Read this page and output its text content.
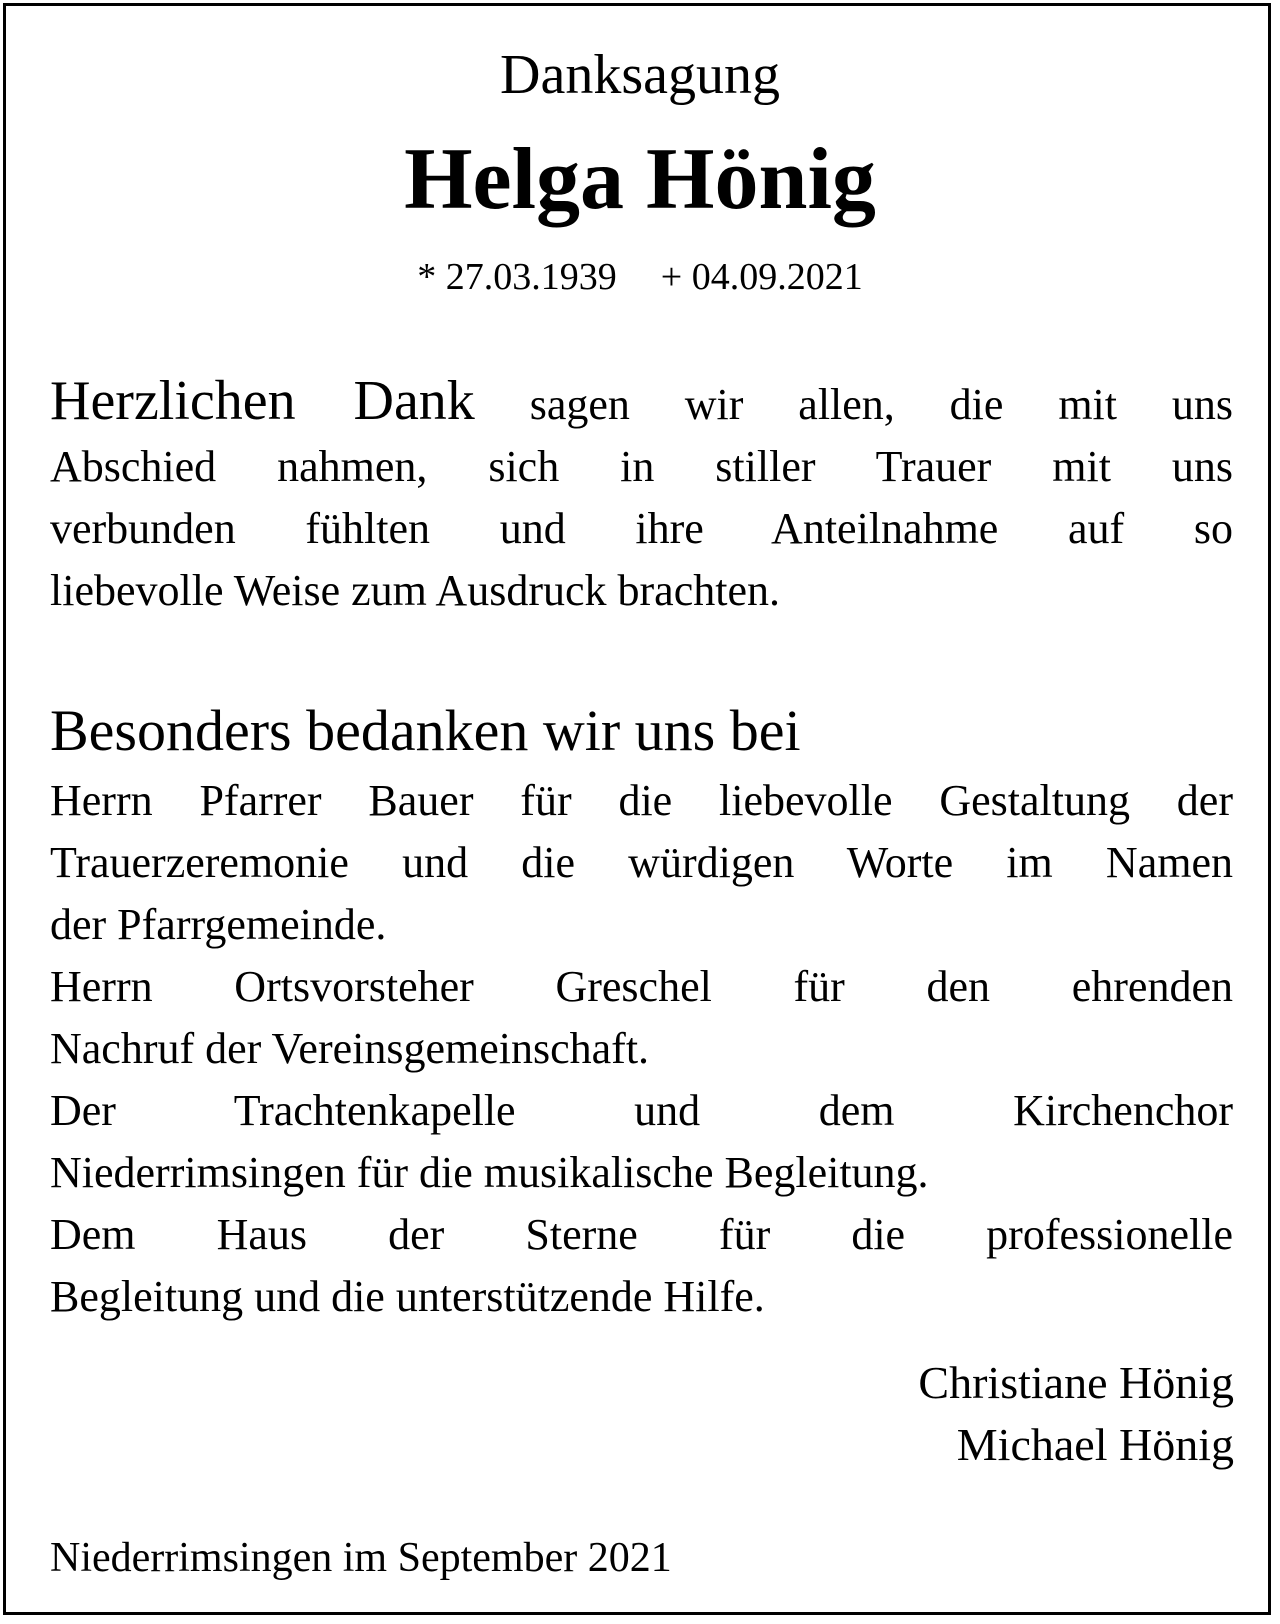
Danksagung
Helga Hönig
* 27.03.1939 + 04.09.2021
Herzlichen Dank sagen wir allen, die mit uns
Abschied nahmen, sich in stiller Trauer mit uns
verbunden fühlten und ihre Anteilnahme auf so
liebevolle Weise zum Ausdruck brachten.
Besonders bedanken wir uns bei
Herrn Pfarrer Bauer für die liebevolle Gestaltung der
Trauerzeremonie und die würdigen Worte im Namen
der Pfarrgemeinde.
Herrn Ortsvorsteher Greschel für den ehrenden
Nachruf der Vereinsgemeinschaft.
Der Trachtenkapelle und dem Kirchenchor
Niederrimsingen für die musikalische Begleitung.
Dem Haus der Sterne für die professionelle
Begleitung und die unterstützende Hilfe.
Christiane Hönig
Michael Hönig
Niederrimsingen im September 2021
